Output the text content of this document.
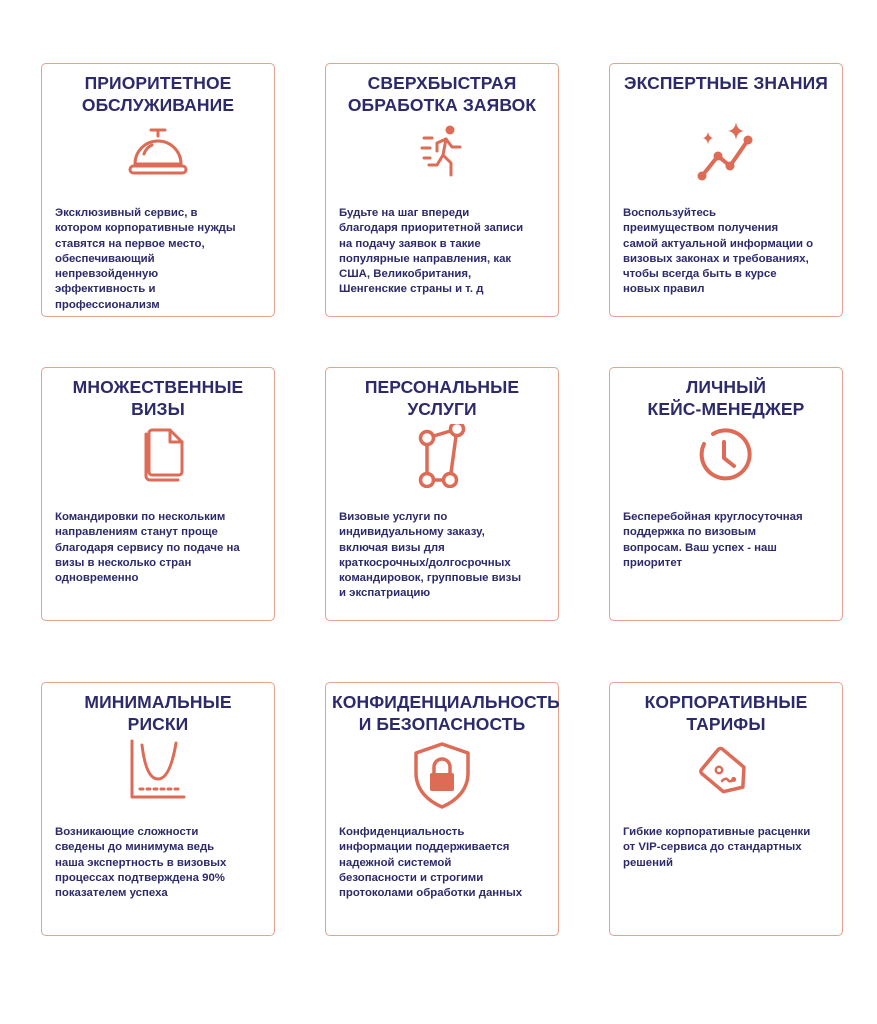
ПРИОРИТЕТНОЕ
ОБСЛУЖИВАНИЕ
Эксклюзивный сервис, в
котором корпоративные нужды
ставятся на первое место,
обеспечивающий
непревзойденную
эффективность и
профессионализм
СВЕРХБЫСТРАЯ
ОБРАБОТКА ЗАЯВОК
Будьте на шаг впереди
благодаря приоритетной записи
на подачу заявок в такие
популярные направления, как
США, Великобритания,
Шенгенские страны и т. д
ЭКСПЕРТНЫЕ ЗНАНИЯ
Воспользуйтесь
преимуществом получения
самой актуальной информации о
визовых законах и требованиях,
чтобы всегда быть в курсе
новых правил
МНОЖЕСТВЕННЫЕ
ВИЗЫ
Командировки по нескольким
направлениям станут проще
благодаря сервису по подаче на
визы в несколько стран
одновременно
ПЕРСОНАЛЬНЫЕ
УСЛУГИ
Визовые услуги по
индивидуальному заказу,
включая визы для
краткосрочных/долгосрочных
командировок, групповые визы
и экспатриацию
ЛИЧНЫЙ
КЕЙС-МЕНЕДЖЕР
Бесперебойная круглосуточная
поддержка по визовым
вопросам. Ваш успех - наш
приоритет
МИНИМАЛЬНЫЕ
РИСКИ
Возникающие сложности
сведены до минимума ведь
наша экспертность в визовых
процессах подтверждена 90%
показателем успеха
КОНФИДЕНЦИАЛЬНОСТЬ
И БЕЗОПАСНОСТЬ
Конфиденциальность
информации поддерживается
надежной системой
безопасности и строгими
протоколами обработки данных
КОРПОРАТИВНЫЕ
ТАРИФЫ
Гибкие корпоративные расценки
от VIP-сервиса до стандартных
решений
